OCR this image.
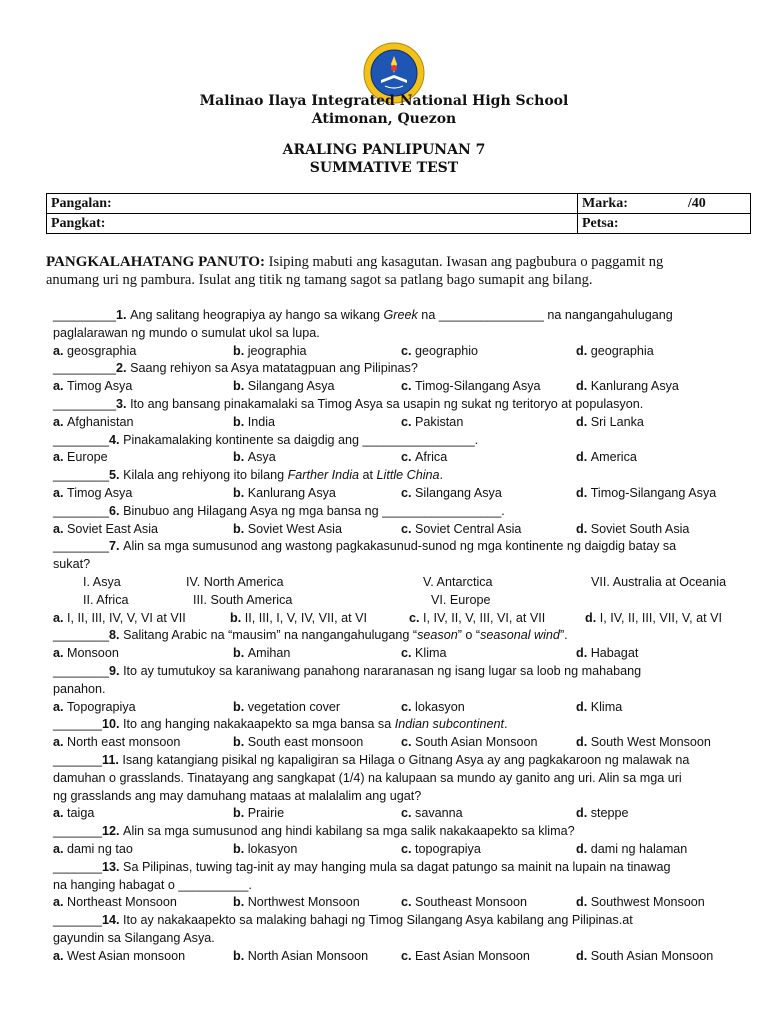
Malinao Ilaya Integrated National High School
Atimonan, Quezon
ARALING PANLIPUNAN 7
SUMMATIVE TEST
Pangalan:	Marka: /40
Pangkat:	Petsa:
PANGKALAHATANG PANUTO: Isiping mabuti ang kasagutan. Iwasan ang pagbubura o paggamit ng
anumang uri ng pambura. Isulat ang titik ng tamang sagot sa patlang bago sumapit ang bilang.
_________1. Ang salitang heograpiya ay hango sa wikang Greek na _______________ na nangangahulugang
paglalarawan ng mundo o sumulat ukol sa lupa.
a. geosgraphia	b. jeographia	c. geographio	d. geographia
_________2. Saang rehiyon sa Asya matatagpuan ang Pilipinas?
a. Timog Asya	b. Silangang Asya	c. Timog-Silangang Asya	d. Kanlurang Asya
_________3. Ito ang bansang pinakamalaki sa Timog Asya sa usapin ng sukat ng teritoryo at populasyon.
a. Afghanistan	b. India	c. Pakistan	d. Sri Lanka
________4. Pinakamalaking kontinente sa daigdig ang ________________.
a. Europe	b. Asya	c. Africa	d. America
________5. Kilala ang rehiyong ito bilang Farther India at Little China.
a. Timog Asya	b. Kanlurang Asya	c. Silangang Asya	d. Timog-Silangang Asya
________6. Binubuo ang Hilagang Asya ng mga bansa ng _________________.
a. Soviet East Asia	b. Soviet West Asia	c. Soviet Central Asia	d. Soviet South Asia
________7. Alin sa mga sumusunod ang wastong pagkakasunud-sunod ng mga kontinente ng daigdig batay sa
sukat?
I. Asya	IV. North America	V. Antarctica	VII. Australia at Oceania
II. Africa	III. South America	VI. Europe
a. I, II, III, IV, V, VI at VII	b. II, III, I, V, IV, VII, at VI	c. I, IV, II, V, III, VI, at VII	d. I, IV, II, III, VII, V, at VI
________8. Salitang Arabic na “mausim” na nangangahulugang “season” o “seasonal wind”.
a. Monsoon	b. Amihan	c. Klima	d. Habagat
________9. Ito ay tumutukoy sa karaniwang panahong nararanasan ng isang lugar sa loob ng mahabang
panahon.
a. Topograpiya	b. vegetation cover	c. lokasyon	d. Klima
_______10. Ito ang hanging nakakaapekto sa mga bansa sa Indian subcontinent.
a. North east monsoon	b. South east monsoon	c. South Asian Monsoon	d. South West Monsoon
_______11. Isang katangiang pisikal ng kapaligiran sa Hilaga o Gitnang Asya ay ang pagkakaroon ng malawak na
damuhan o grasslands. Tinatayang ang sangkapat (1/4) na kalupaan sa mundo ay ganito ang uri. Alin sa mga uri
ng grasslands ang may damuhang mataas at malalalim ang ugat?
a. taiga	b. Prairie	c. savanna	d. steppe
_______12. Alin sa mga sumusunod ang hindi kabilang sa mga salik nakakaapekto sa klima?
a. dami ng tao	b. lokasyon	c. topograpiya	d. dami ng halaman
_______13. Sa Pilipinas, tuwing tag-init ay may hanging mula sa dagat patungo sa mainit na lupain na tinawag
na hanging habagat o __________.
a. Northeast Monsoon	b. Northwest Monsoon	c. Southeast Monsoon	d. Southwest Monsoon
_______14. Ito ay nakakaapekto sa malaking bahagi ng Timog Silangang Asya kabilang ang Pilipinas.at
gayundin sa Silangang Asya.
a. West Asian monsoon	b. North Asian Monsoon	c. East Asian Monsoon	d. South Asian Monsoon
